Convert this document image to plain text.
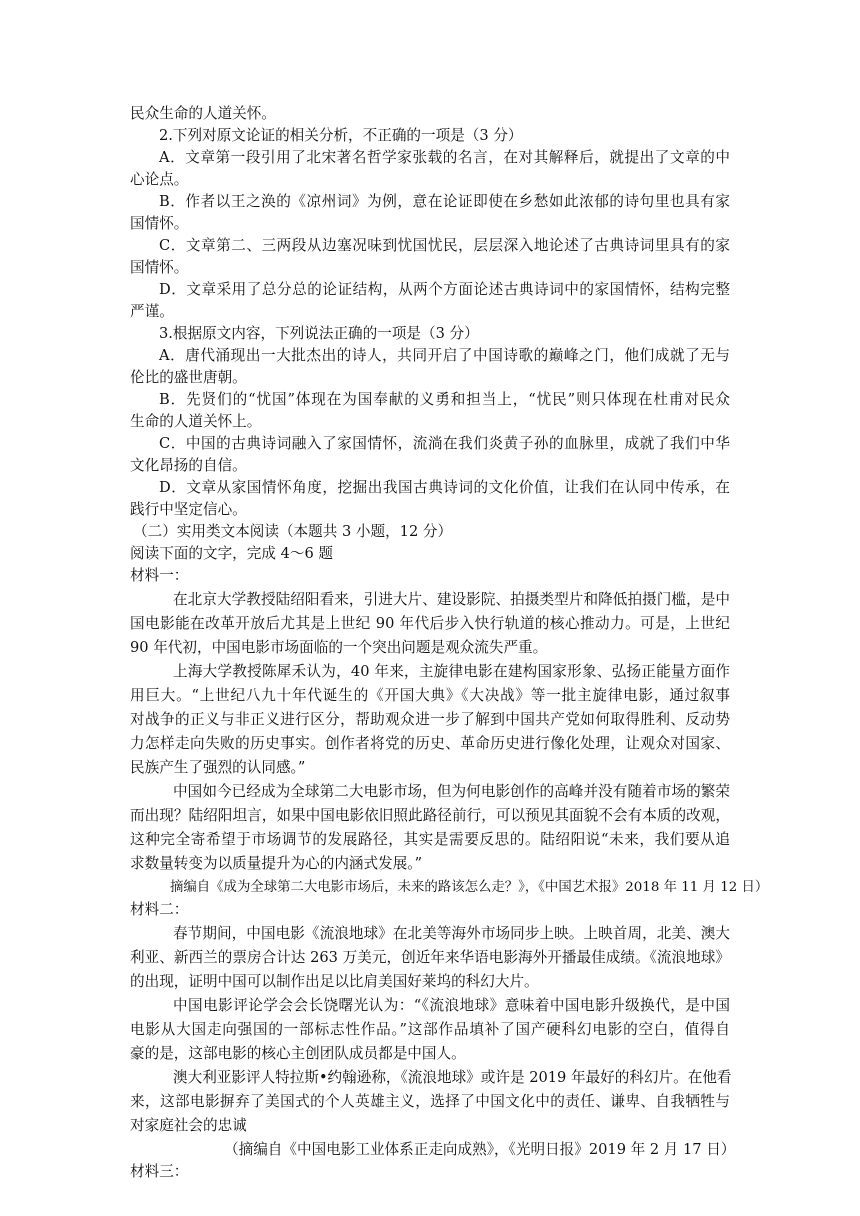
民众生命的人道关怀。
2.下列对原文论证的相关分析，不正确的一项是（3 分）
A．文章第一段引用了北宋著名哲学家张载的名言，在对其解释后，就提出了文章的中
心论点。
B．作者以王之涣的《凉州词》为例，意在论证即使在乡愁如此浓郁的诗句里也具有家
国情怀。
C．文章第二、三两段从边塞况味到忧国忧民，层层深入地论述了古典诗词里具有的家
国情怀。
D．文章采用了总分总的论证结构，从两个方面论述古典诗词中的家国情怀，结构完整
严谨。
3.根据原文内容，下列说法正确的一项是（3 分）
A．唐代涌现出一大批杰出的诗人，共同开启了中国诗歌的巅峰之门，他们成就了无与
伦比的盛世唐朝。
B．先贤们的“忧国”体现在为国奉献的义勇和担当上，“忧民”则只体现在杜甫对民众
生命的人道关怀上。
C．中国的古典诗词融入了家国情怀，流淌在我们炎黄子孙的血脉里，成就了我们中华
文化昂扬的自信。
D．文章从家国情怀角度，挖掘出我国古典诗词的文化价值，让我们在认同中传承，在
践行中坚定信心。
（二）实用类文本阅读（本题共 3 小题，12 分）
阅读下面的文字，完成 4～6 题
材料一：
在北京大学教授陆绍阳看来，引进大片、建设影院、拍摄类型片和降低拍摄门槛，是中
国电影能在改革开放后尤其是上世纪 90 年代后步入快行轨道的核心推动力。可是，上世纪
90 年代初，中国电影市场面临的一个突出问题是观众流失严重。
上海大学教授陈犀禾认为，40 年来，主旋律电影在建构国家形象、弘扬正能量方面作
用巨大。“上世纪八九十年代诞生的《开国大典》《大决战》等一批主旋律电影，通过叙事
对战争的正义与非正义进行区分，帮助观众进一步了解到中国共产党如何取得胜利、反动势
力怎样走向失败的历史事实。创作者将党的历史、革命历史进行像化处理，让观众对国家、
民族产生了强烈的认同感。”
中国如今已经成为全球第二大电影市场，但为何电影创作的高峰并没有随着市场的繁荣
而出现？陆绍阳坦言，如果中国电影依旧照此路径前行，可以预见其面貌不会有本质的改观，
这种完全寄希望于市场调节的发展路径，其实是需要反思的。陆绍阳说“未来，我们要从追
求数量转变为以质量提升为心的内涵式发展。”
摘编自《成为全球第二大电影市场后，未来的路该怎么走？》，《中国艺术报》2018 年 11 月 12 日）
材料二：
春节期间，中国电影《流浪地球》在北美等海外市场同步上映。上映首周，北美、澳大
利亚、新西兰的票房合计达 263 万美元，创近年来华语电影海外开播最佳成绩。《流浪地球》
的出现，证明中国可以制作出足以比肩美国好莱坞的科幻大片。
中国电影评论学会会长饶曙光认为：“《流浪地球》意味着中国电影升级换代，是中国
电影从大国走向强国的一部标志性作品。”这部作品填补了国产硬科幻电影的空白，值得自
豪的是，这部电影的核心主创团队成员都是中国人。
澳大利亚影评人特拉斯•约翰逊称，《流浪地球》或许是 2019 年最好的科幻片。在他看
来，这部电影摒弃了美国式的个人英雄主义，选择了中国文化中的责任、谦卑、自我牺牲与
对家庭社会的忠诚
（摘编自《中国电影工业体系正走向成熟》，《光明日报》2019 年 2 月 17 日）
材料三：
